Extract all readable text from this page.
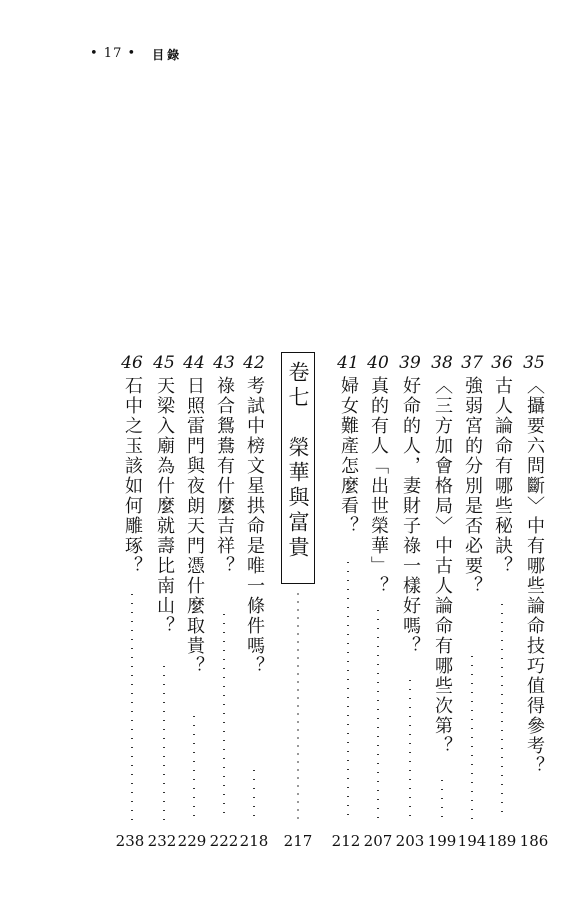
• 17 • 目錄
35
〈攝要六問斷〉中有哪些論命技巧值得參考？
186
36
古人論命有哪些秘訣？
189
37
強弱宮的分別是否必要？
194
38
〈三方加會格局〉中古人論命有哪些次第？
199
39
好命的人，妻財子祿一樣好嗎？
203
40
真的有人「出世榮華」？
207
41
婦女難產怎麼看？
212
卷七　榮華與富貴
217
42
考試中榜文星拱命是唯一條件嗎？
218
43
祿合鴛鴦有什麼吉祥？
222
44
日照雷門與夜朗天門憑什麼取貴？
229
45
天梁入廟為什麼就壽比南山？
232
46
石中之玉該如何雕琢？
238
